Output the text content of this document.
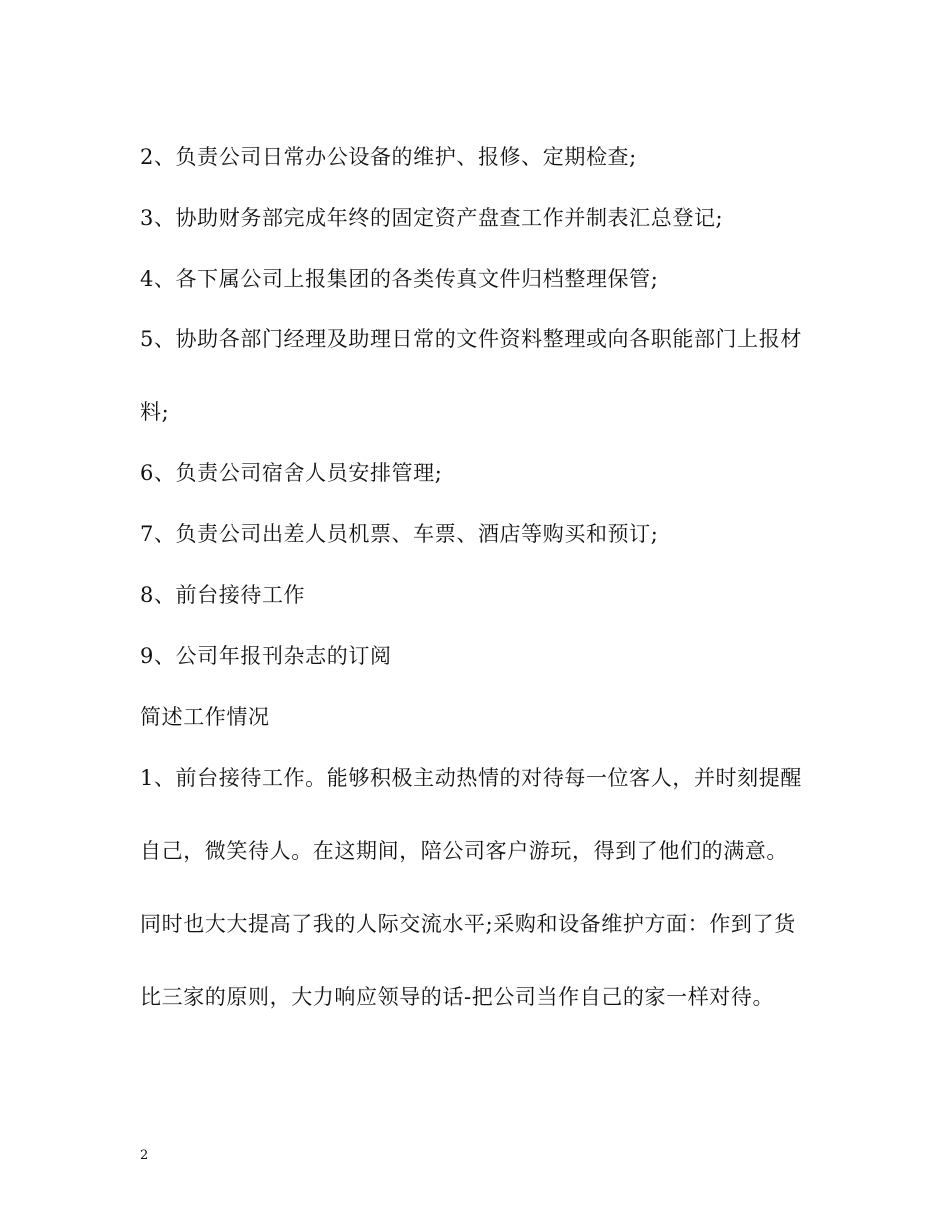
2、负责公司日常办公设备的维护、报修、定期检查;
3、协助财务部完成年终的固定资产盘查工作并制表汇总登记;
4、各下属公司上报集团的各类传真文件归档整理保管;
5、协助各部门经理及助理日常的文件资料整理或向各职能部门上报材
料;
6、负责公司宿舍人员安排管理;
7、负责公司出差人员机票、车票、酒店等购买和预订;
8、前台接待工作
9、公司年报刊杂志的订阅
简述工作情况
1、前台接待工作。能够积极主动热情的对待每一位客人，并时刻提醒
自己，微笑待人。在这期间，陪公司客户游玩，得到了他们的满意。
同时也大大提高了我的人际交流水平;采购和设备维护方面：作到了货
比三家的原则，大力响应领导的话-把公司当作自己的家一样对待。
2
